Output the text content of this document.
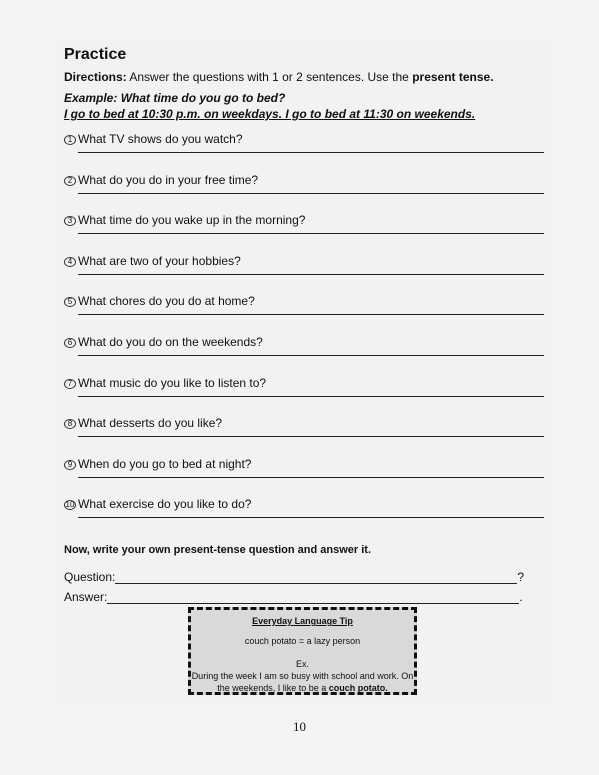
Practice
Directions: Answer the questions with 1 or 2 sentences. Use the present tense.
Example: What time do you go to bed?
I go to bed at 10:30 p.m. on weekdays. I go to bed at 11:30 on weekends.
1 What TV shows do you watch?
2 What do you do in your free time?
3 What time do you wake up in the morning?
4 What are two of your hobbies?
5 What chores do you do at home?
6 What do you do on the weekends?
7 What music do you like to listen to?
8 What desserts do you like?
9 When do you go to bed at night?
10 What exercise do you like to do?
Now, write your own present-tense question and answer it.
Question:	?
Answer:	.
Everyday Language Tip
couch potato = a lazy person
Ex.
During the week I am so busy with school and work. On the weekends, I like to be a couch potato.
10
